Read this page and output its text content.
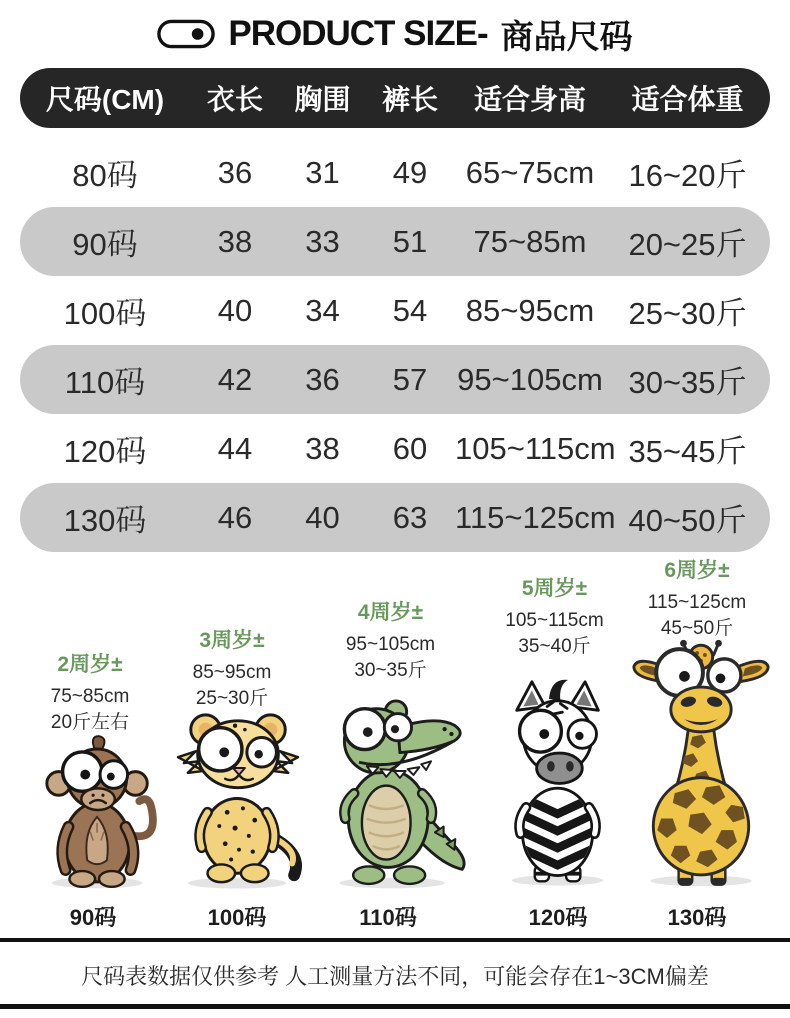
PRODUCT SIZE- 商品尺码
尺码(CM)	衣长	胸围	裤长	适合身高	适合体重
80码	36	31	49	65~75cm	16~20斤
90码	38	33	51	75~85m	20~25斤
100码	40	34	54	85~95cm	25~30斤
110码	42	36	57 95~105cm 30~35斤
120码	44	38	60 105~115cm 35~45斤
130码	46	40	63 115~125cm 40~50斤
2周岁±
75~85cm
20斤左右
3周岁±
85~95cm
25~30斤
4周岁±
95~105cm
30~35斤
5周岁±
105~115cm
35~40斤
6周岁±
115~125cm
45~50斤
90码	100码	110码	120码	130码
尺码表数据仅供参考 人工测量方法不同，可能会存在1~3CM偏差
